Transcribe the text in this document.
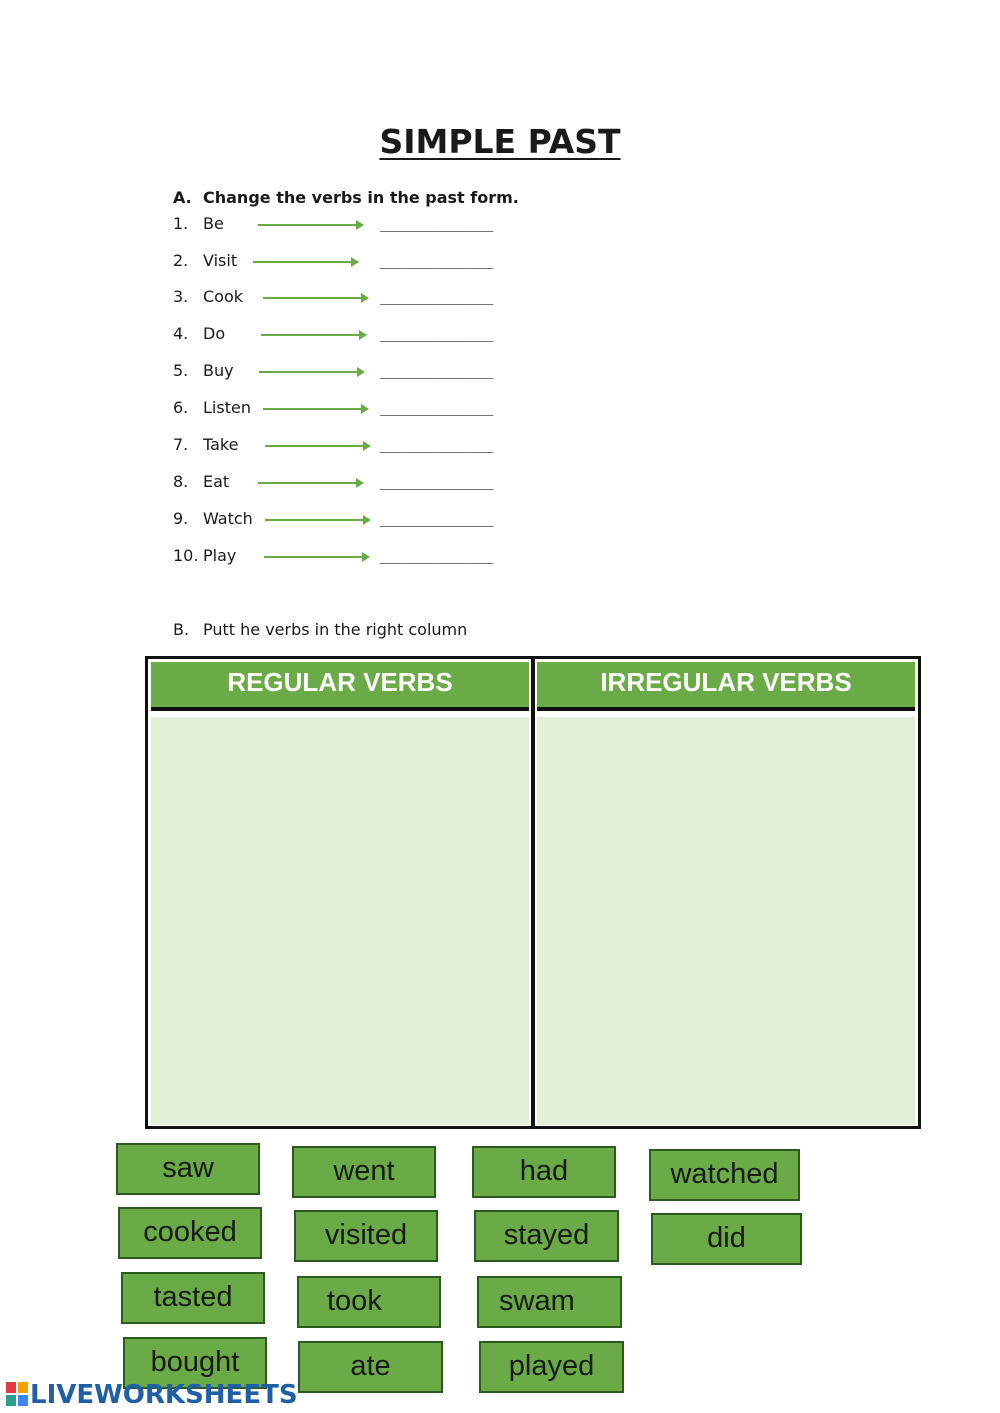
SIMPLE PAST
A. Change the verbs in the past form.
1. Be	______________
2. Visit	______________
3. Cook	______________
4. Do	______________
5. Buy	______________
6. Listen	______________
7. Take	______________
8. Eat	______________
9. Watch	______________
10. Play	______________
B. Putt he verbs in the right column
REGULAR VERBS	IRREGULAR VERBS
saw	went	had	watched
cooked	visited	stayed	did
tasted	took	swam
bought	ate	played
LIVEWORKSHEETS
